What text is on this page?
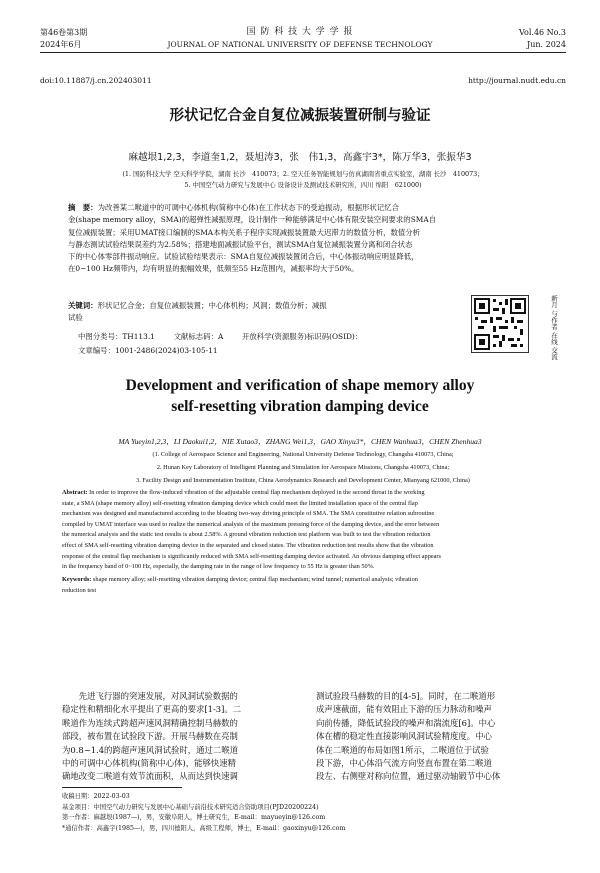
第46卷第3期
2024年6月
国 防 科 技 大 学 学 报
JOURNAL OF NATIONAL UNIVERSITY OF DEFENSE TECHNOLOGY
Vol.46 No.3
Jun. 2024
doi:10.11887/j.cn.202403011	http://journal.nudt.edu.cn
形状记忆合金自复位减振装置研制与验证
麻越垠1,2,3，李道奎1,2，聂旭涛3，张　伟1,3，高鑫宇3*，陈万华3，张振华3
(1. 国防科技大学 空天科学学院，湖南 长沙　410073；2. 空天任务智能规划与仿真湖南省重点实验室，湖南 长沙　410073；
5. 中国空气动力研究与发展中心 设备设计及测试技术研究所，四川 绵阳　621000)
摘　要：为改善某二喉道中的可调中心体机构(简称中心体)在工作状态下的受迫振动，根据形状记忆合
金(shape memory alloy，SMA)的超弹性减振原理，设计制作一种能够满足中心体有限安装空间要求的SMA自
复位减振装置；采用UMAT接口编制的SMA本构关系子程序实现减振装置最大迟滞力的数值分析，数值分析
与静态测试试验结果误差约为2.58%；搭建地面减振试验平台，测试SMA自复位减振装置分离和闭合状态
下的中心体零部件振动响应。试验试验结果表示：SMA自复位减振装置闭合后，中心体振动响应明显降低，
在0~100 Hz频带内，均有明显的振幅效果，低频至55 Hz范围内，减振率均大于50%。
关键词：形状记忆合金；自复位减振装置；中心体机构；风洞；数值分析；减振
试验
中图分类号：TH113.1	文献标志码：A	开放科学(资源服务)标识码(OSID)：
文章编号：1001-2486(2024)03-105-11	新月 与作者 在线 交流
Development and verification of shape memory alloy
self-resetting vibration damping device
MA Yueyin1,2,3，LI Daokui1,2，NIE Xutao3，ZHANG Wei1,3，GAO Xinyu3*，CHEN Wanhua3，CHEN Zhenhua3
(1. College of Aerospace Science and Engineering, National University Defense Technology, Changsha 410073, China;
2. Hunan Key Laboratory of Intelligent Planning and Simulation for Aerospace Missions, Changsha 410073, China;
3. Facility Design and Instrumentation Institute, China Aerodynamics Research and Development Center, Mianyang 621000, China)
Abstract: In order to improve the flow-induced vibration of the adjustable central flap mechanism deployed in the second throat in the working
state, a SMA (shape memory alloy) self-resetting vibration damping device which could meet the limited installation space of the central flap
mechanism was designed and manufactured according to the bloating two-way driving principle of SMA. The SMA constitutive relation subroutine
compiled by UMAT interface was used to realize the numerical analysis of the maximum pressing force of the damping device, and the error between
the numerical analysis and the static test results is about 2.58%. A ground vibration reduction test platform was built to test the vibration reduction
effect of SMA self-resetting vibration damping device in the separated and closed states. The vibration reduction test results show that the vibration
response of the central flap mechanism is significantly reduced with SMA self-resetting damping device activated. An obvious damping effect appears
in the frequency band of 0~100 Hz, especially, the damping rate in the range of low frequency to 55 Hz is greater than 50%.
Keywords: shape memory alloy; self-resetting vibration damping device; central flap mechanism; wind tunnel; numerical analysis; vibration
reduction test
　　先进飞行器的突速发展，对风洞试验数据的
稳定性和精细化水平提出了更高的要求[1-3]。二
喉道作为连续式跨超声速风洞精确控制马赫数的
部段，被布置在试验段下游。开展马赫数在亮制
为0.8~1.4的跨超声速风洞试验时，通过二喉道
中的可调中心体机构(简称中心体)，能够快速精
确地改变二喉道有效节流面积，从而达到快速调
测试验段马赫数的目的[4-5]。同时，在二喉道形
成声速截面，能有效阻止下游的压力脉动和噪声
向前传播，降低试验段的噪声和湍流度[6]。中心
体在槽的稳定性直接影响风洞试验精度度。中心
体在二喉道的布局如图1所示，二喉道位于试验
段下游，中心体沿气流方向竖直布置在第二喉道
段左、右侧壁对称向位置，通过驱动轴锻节中心体
收稿日期：2022-03-03
基金项目：中国空气动力研究与发展中心基础与前沿技术研究适合资助项目(PJD20200224)
第一作者：麻越垠(1987—)，男，安徽阜阳人，博士研究生，E-mail：mayueyin@126.com
*通信作者：高鑫宇(1985—)，男，四川德阳人，高级工程师，博士，E-mail：gaoxinyu@126.com
